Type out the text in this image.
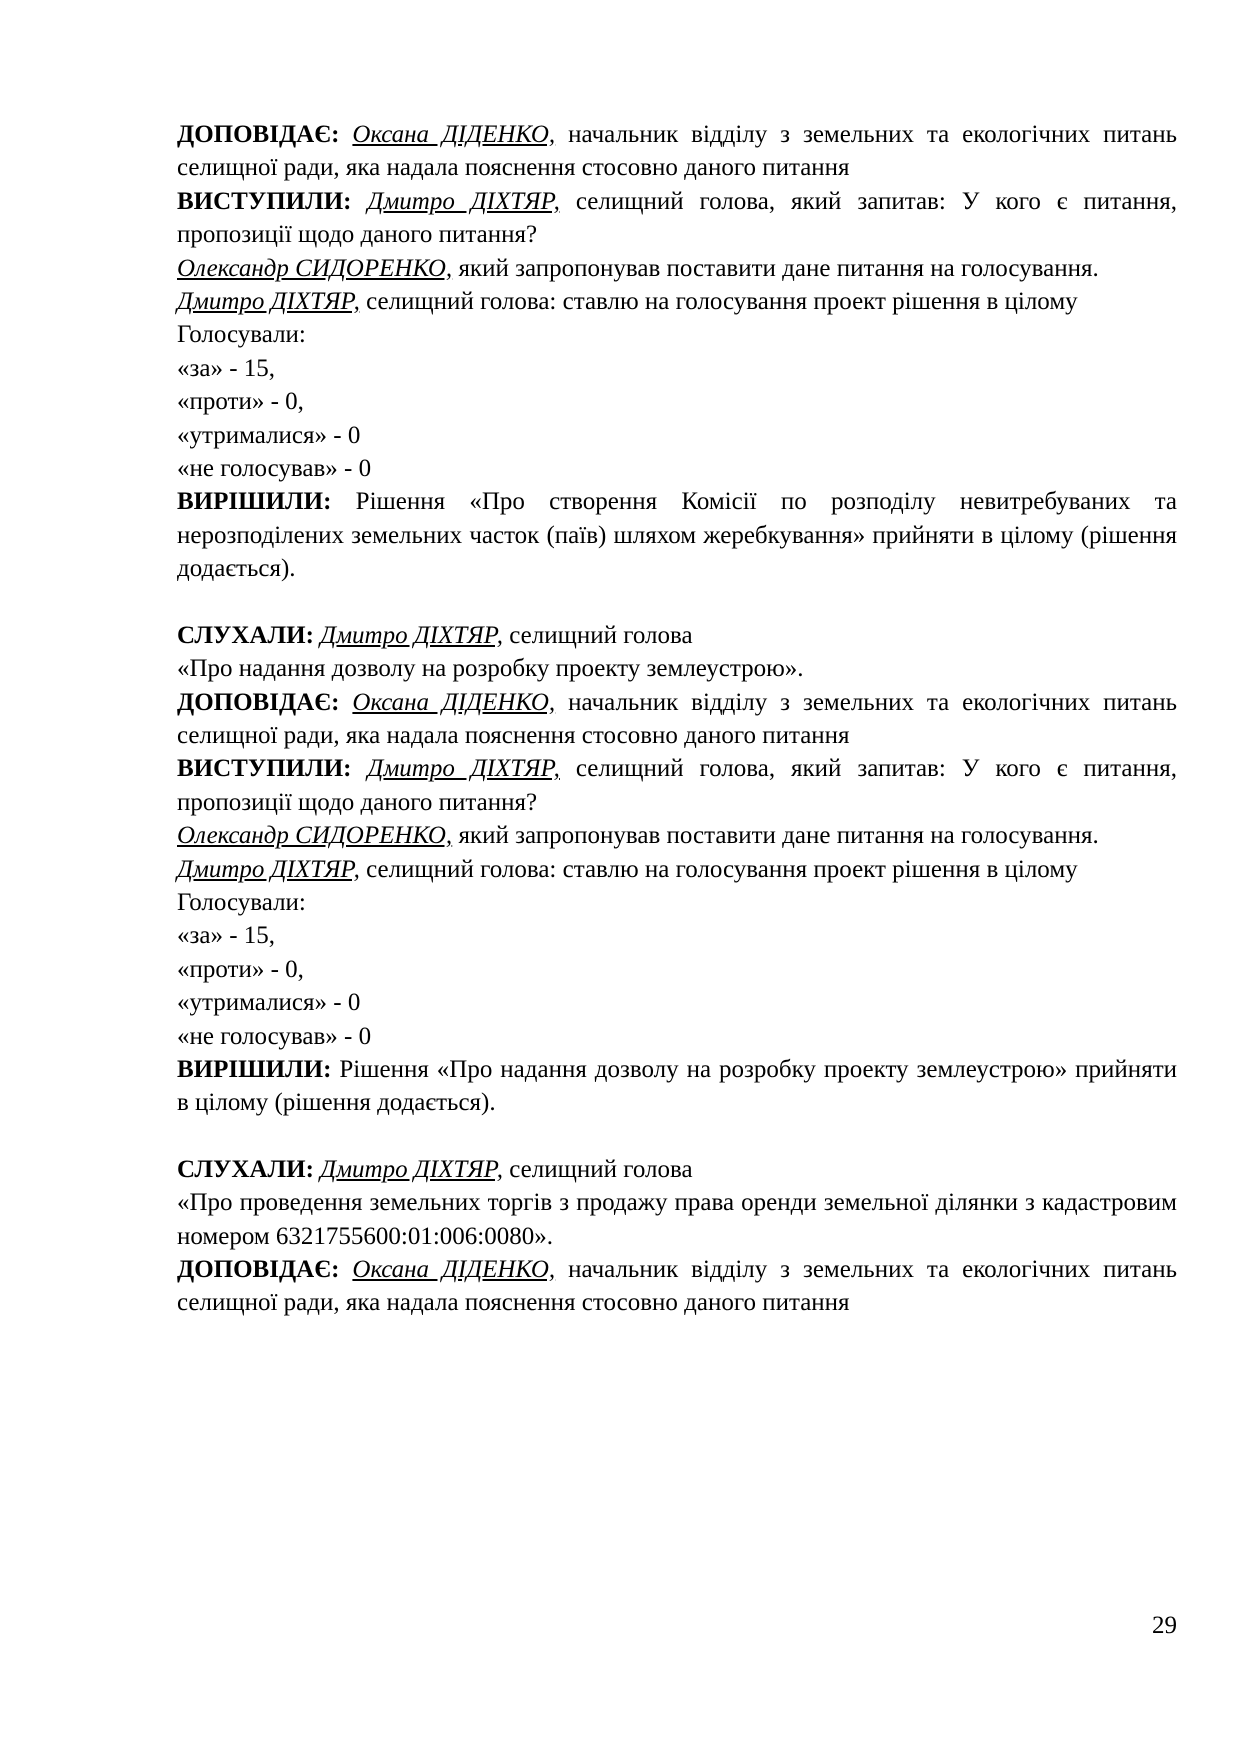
ДОПОВІДАЄ: Оксана ДІДЕНКО, начальник відділу з земельних та екологічних питань селищної ради, яка надала пояснення стосовно даного питання

ВИСТУПИЛИ: Дмитро ДІХТЯР, селищний голова, який запитав: У кого є питання, пропозиції щодо даного питання?

Олександр СИДОРЕНКО, який запропонував поставити дане питання на голосування.

Дмитро ДІХТЯР, селищний голова: ставлю на голосування проект рішення в цілому

Голосували:

«за» - 15,

«проти» - 0,

«утрималися» - 0

«не голосував» - 0

ВИРІШИЛИ: Рішення «Про створення Комісії по розподілу невитребуваних та нерозподілених земельних часток (паїв) шляхом жеребкування» прийняти в цілому (рішення додається).

СЛУХАЛИ: Дмитро ДІХТЯР, селищний голова

«Про надання дозволу на розробку проекту землеустрою».

ДОПОВІДАЄ: Оксана ДІДЕНКО, начальник відділу з земельних та екологічних питань селищної ради, яка надала пояснення стосовно даного питання

ВИСТУПИЛИ: Дмитро ДІХТЯР, селищний голова, який запитав: У кого є питання, пропозиції щодо даного питання?

Олександр СИДОРЕНКО, який запропонував поставити дане питання на голосування.

Дмитро ДІХТЯР, селищний голова: ставлю на голосування проект рішення в цілому

Голосували:

«за» - 15,

«проти» - 0,

«утрималися» - 0

«не голосував» - 0

ВИРІШИЛИ: Рішення «Про надання дозволу на розробку проекту землеустрою» прийняти в цілому (рішення додається).

СЛУХАЛИ: Дмитро ДІХТЯР, селищний голова

«Про проведення земельних торгів з продажу права оренди земельної ділянки з кадастровим номером 6321755600:01:006:0080».

ДОПОВІДАЄ: Оксана ДІДЕНКО, начальник відділу з земельних та екологічних питань селищної ради, яка надала пояснення стосовно даного питання

29
